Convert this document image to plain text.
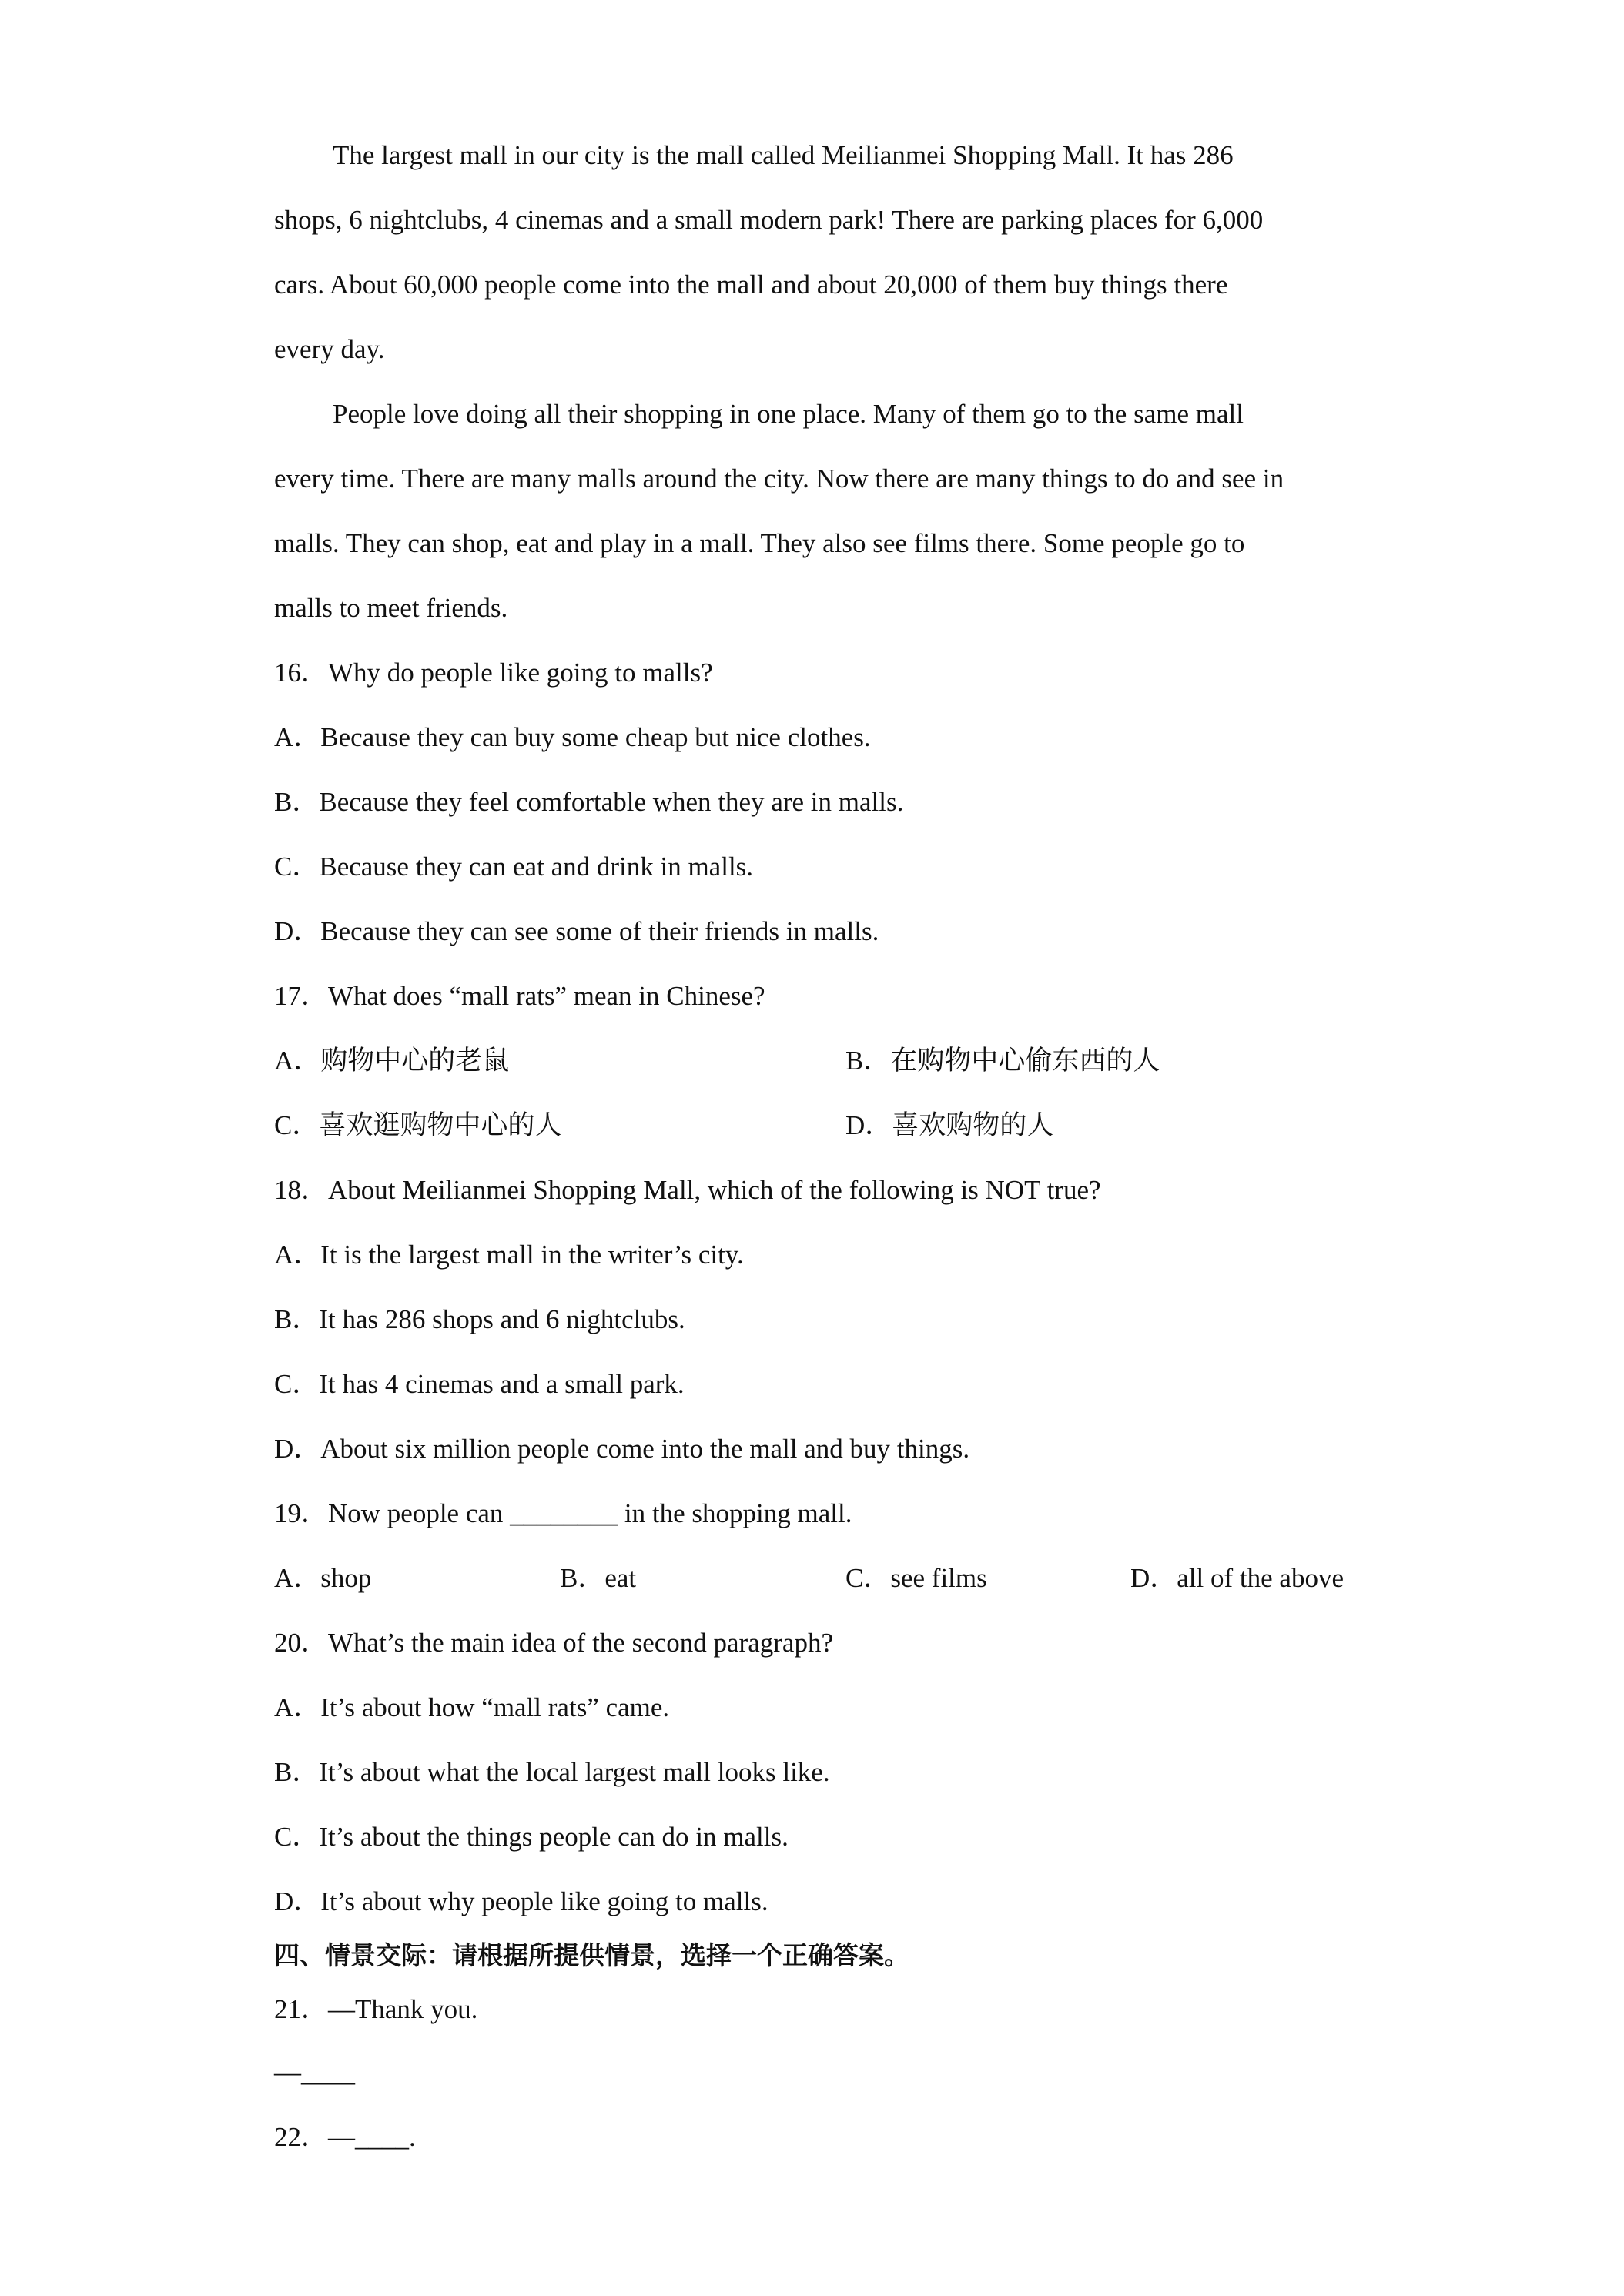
The largest mall in our city is the mall called Meilianmei Shopping Mall. It has 286
shops, 6 nightclubs, 4 cinemas and a small modern park! There are parking places for 6,000
cars. About 60,000 people come into the mall and about 20,000 of them buy things there
every day.
People love doing all their shopping in one place. Many of them go to the same mall
every time. There are many malls around the city. Now there are many things to do and see in
malls. They can shop, eat and play in a mall. They also see films there. Some people go to
malls to meet friends.
16．Why do people like going to malls?
A．Because they can buy some cheap but nice clothes.
B．Because they feel comfortable when they are in malls.
C．Because they can eat and drink in malls.
D．Because they can see some of their friends in malls.
17．What does “mall rats” mean in Chinese?
A．购物中心的老鼠	B．在购物中心偷东西的人
C．喜欢逛购物中心的人	D．喜欢购物的人
18．About Meilianmei Shopping Mall, which of the following is NOT true?
A．It is the largest mall in the writer’s city.
B．It has 286 shops and 6 nightclubs.
C．It has 4 cinemas and a small park.
D．About six million people come into the mall and buy things.
19．Now people can ________ in the shopping mall.
A．shop	B．eat	C．see films	D．all of the above
20．What’s the main idea of the second paragraph?
A．It’s about how “mall rats” came.
B．It’s about what the local largest mall looks like.
C．It’s about the things people can do in malls.
D．It’s about why people like going to malls.
四、情景交际：请根据所提供情景，选择一个正确答案。
21．—Thank you.
—____
22．—____.
